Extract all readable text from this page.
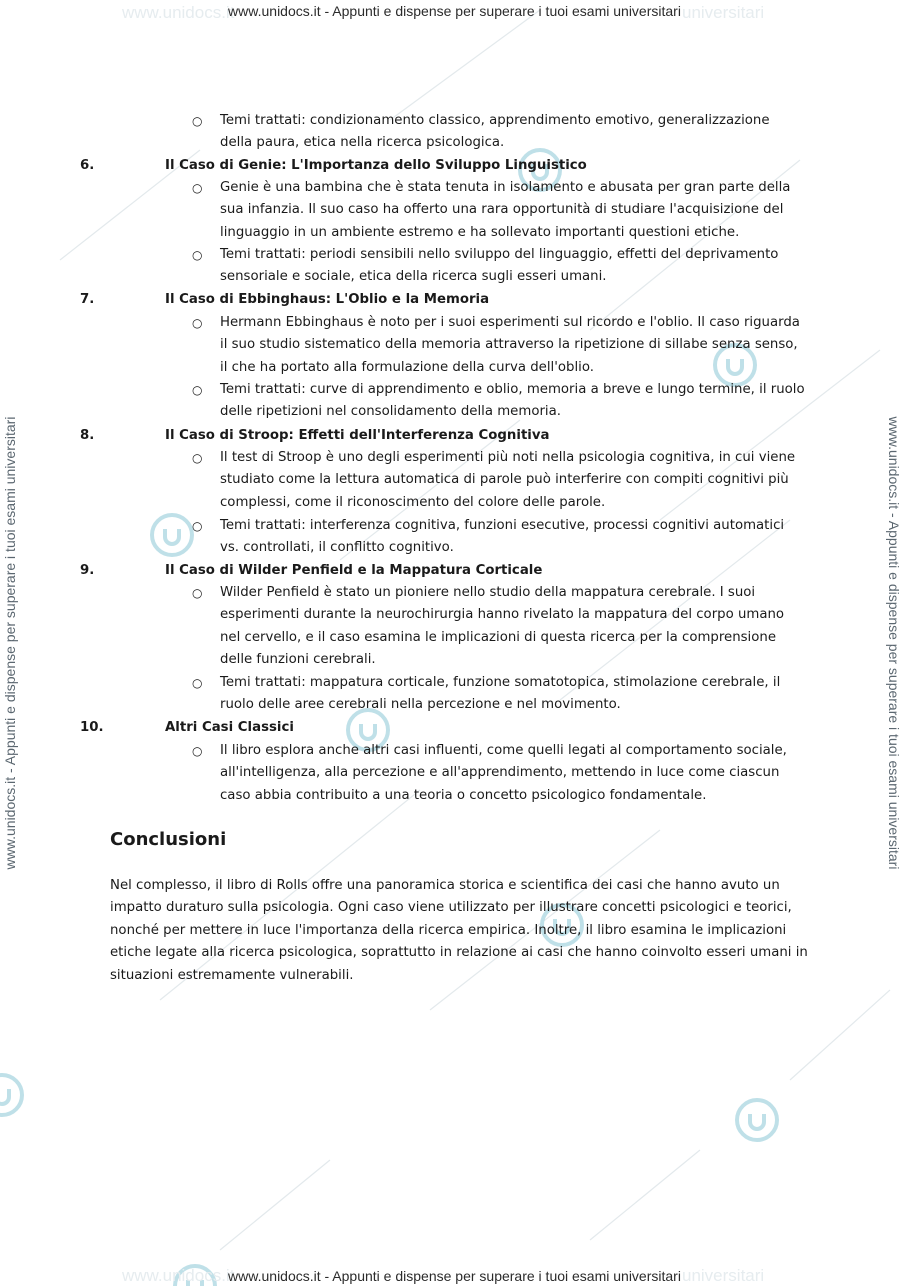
www.unidocs.it	universitari
www.unidocs.it	universitari
www.unidocs.it - Appunti e dispense per superare i tuoi esami universitari
www.unidocs.it - Appunti e dispense per superare i tuoi esami universitari
www.unidocs.it - Appunti e dispense per superare i tuoi esami universitari	www.unidocs.it - Appunti e dispense per superare i tuoi esami universitari
○ Temi trattati: condizionamento classico, apprendimento emotivo, generalizzazione della paura, etica nella ricerca psicologica.
6.	Il Caso di Genie: L'Importanza dello Sviluppo Linguistico
○ Genie è una bambina che è stata tenuta in isolamento e abusata per gran parte della sua infanzia. Il suo caso ha offerto una rara opportunità di studiare l'acquisizione del linguaggio in un ambiente estremo e ha sollevato importanti questioni etiche.
○ Temi trattati: periodi sensibili nello sviluppo del linguaggio, effetti del deprivamento sensoriale e sociale, etica della ricerca sugli esseri umani.
7.	Il Caso di Ebbinghaus: L'Oblio e la Memoria
○ Hermann Ebbinghaus è noto per i suoi esperimenti sul ricordo e l'oblio. Il caso riguarda il suo studio sistematico della memoria attraverso la ripetizione di sillabe senza senso, il che ha portato alla formulazione della curva dell'oblio.
○ Temi trattati: curve di apprendimento e oblio, memoria a breve e lungo termine, il ruolo delle ripetizioni nel consolidamento della memoria.
8.	Il Caso di Stroop: Effetti dell'Interferenza Cognitiva
○ Il test di Stroop è uno degli esperimenti più noti nella psicologia cognitiva, in cui viene studiato come la lettura automatica di parole può interferire con compiti cognitivi più complessi, come il riconoscimento del colore delle parole.
○ Temi trattati: interferenza cognitiva, funzioni esecutive, processi cognitivi automatici vs. controllati, il conflitto cognitivo.
9.	Il Caso di Wilder Penfield e la Mappatura Corticale
○ Wilder Penfield è stato un pioniere nello studio della mappatura cerebrale. I suoi esperimenti durante la neurochirurgia hanno rivelato la mappatura del corpo umano nel cervello, e il caso esamina le implicazioni di questa ricerca per la comprensione delle funzioni cerebrali.
○ Temi trattati: mappatura corticale, funzione somatotopica, stimolazione cerebrale, il ruolo delle aree cerebrali nella percezione e nel movimento.
10.	Altri Casi Classici
○ Il libro esplora anche altri casi influenti, come quelli legati al comportamento sociale, all'intelligenza, alla percezione e all'apprendimento, mettendo in luce come ciascun caso abbia contribuito a una teoria o concetto psicologico fondamentale.
Conclusioni
Nel complesso, il libro di Rolls offre una panoramica storica e scientifica dei casi che hanno avuto un impatto duraturo sulla psicologia. Ogni caso viene utilizzato per illustrare concetti psicologici e teorici, nonché per mettere in luce l'importanza della ricerca empirica. Inoltre, il libro esamina le implicazioni etiche legate alla ricerca psicologica, soprattutto in relazione ai casi che hanno coinvolto esseri umani in situazioni estremamente vulnerabili.
